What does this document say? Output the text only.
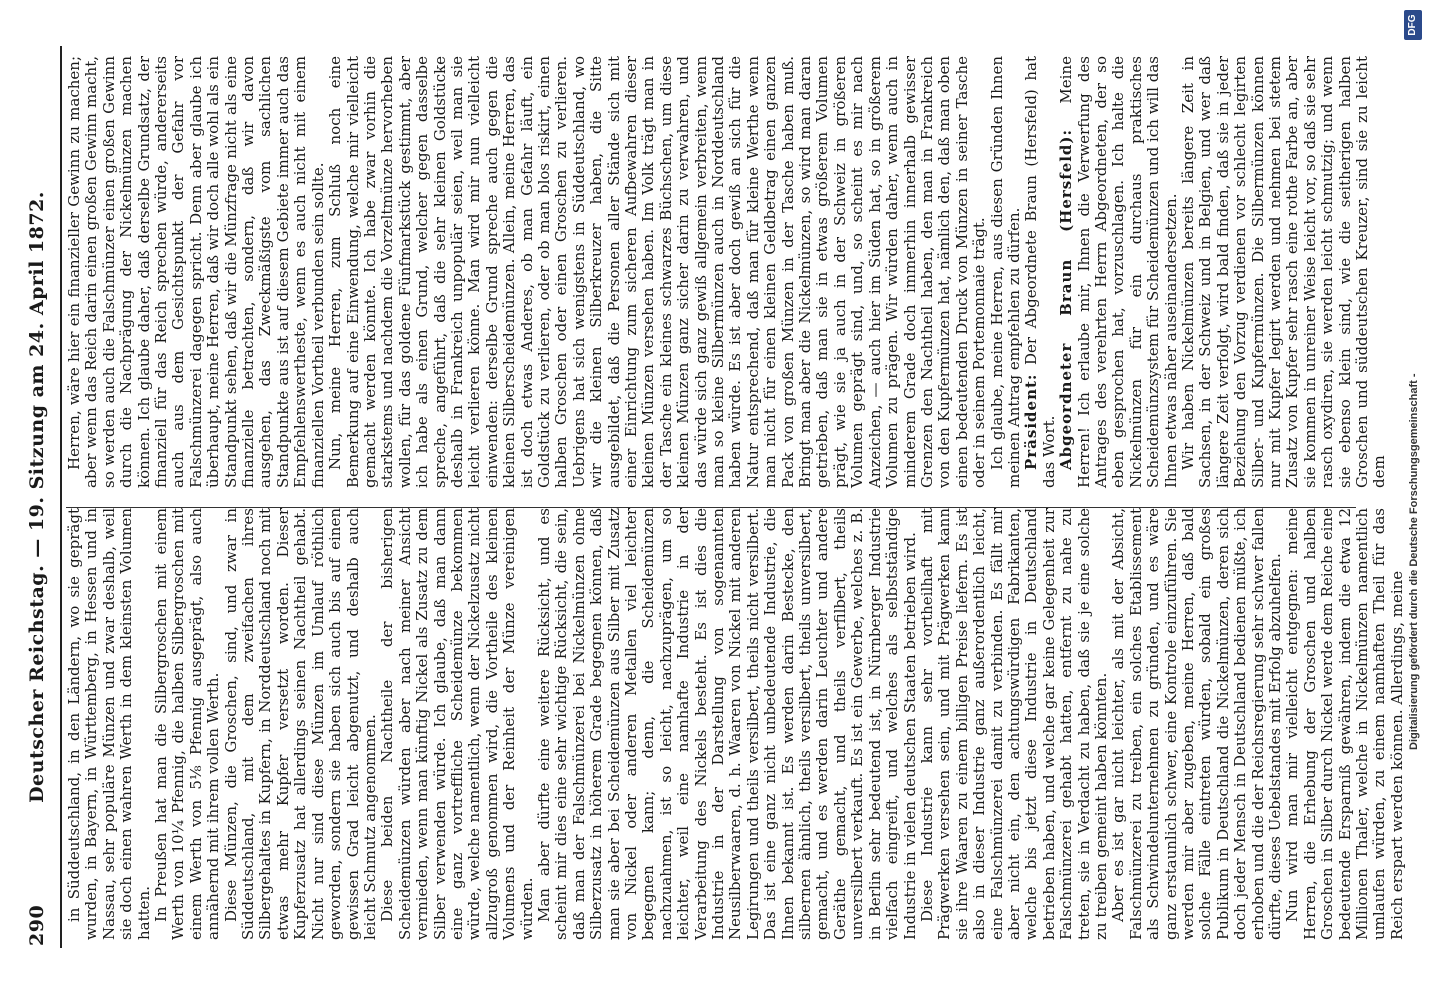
290
Deutscher Reichstag. — 19. Sitzung am 24. April 1872. in Süddeutschland, in den Ländern, wo sie geprägt wurden, in Bayern, in Württemberg, in Hessen und in Nassau, sehr populäre Münzen und zwar deshalb, weil sie doch einen wahren Werth in dem kleinsten Volumen hatten. In Preußen hat man die Silbergroschen mit einem Werth von 10¼ Pfennig, die halben Silbergroschen mit einem Werth von 5⅛ Pfennig ausgeprägt, also auch annähernd mit ihrem vollen Werth. Diese Münzen, die Groschen, sind, und zwar in Süddeutschland, mit dem zweifachen ihres Silbergehaltes in Kupfern, in Norddeutschland noch mit etwas mehr Kupfer versetzt worden. Dieser Kupferzusatz hat allerdings seinen Nachtheil gehabt. Nicht nur sind diese Münzen im Umlauf röthlich geworden, sondern sie haben sich auch bis auf einen gewissen Grad leicht abgenutzt, und deshalb auch leicht Schmutz angenommen. Diese beiden Nachtheile der bisherigen Scheidemünzen würden aber nach meiner Ansicht vermieden, wenn man künftig Nickel als Zusatz zu dem Silber verwenden würde. Ich glaube, daß man dann eine ganz vortreffliche Scheidemünze bekommen würde, welche namentlich, wenn der Nickelzusatz nicht allzugroß genommen wird, die Vortheile des kleinen Volumens und der Reinheit der Münze vereinigen würden. Man aber dürfte eine weitere Rücksicht, und es scheint mir dies eine sehr wichtige Rücksicht, die sein, daß man der Falschmünzerei bei Nickelmünzen ohne Silberzusatz in höherem Grade begegnen können, daß man sie aber bei Scheidemünzen aus Silber mit Zusatz von Nickel oder anderen Metallen viel leichter begegnen kann; denn, die Scheidemünzen nachzuahmen, ist so leicht, nachzuprägen, um so leichter, weil eine namhafte Industrie in der Verarbeitung des Nickels besteht. Es ist dies die Industrie in der Darstellung von sogenannten Neusilberwaaren, d. h. Waaren von Nickel mit anderen Legirungen und theils versilbert, theils nicht versilbert. Das ist eine ganz nicht unbedeutende Industrie, die Ihnen bekannt ist. Es werden darin Bestecke, den silbernen ähnlich, theils versilbert, theils unversilbert, gemacht, und es werden darin Leuchter und andere Geräthe gemacht, und theils verfilbert, theils unversilbert verkauft. Es ist ein Gewerbe, welches z. B. in Berlin sehr bedeutend ist, in Nürnberger Industrie vielfach eingreift, und welches als selbstständige Industrie in vielen deutschen Staaten betrieben wird. Diese Industrie kann sehr vortheilhaft mit Prägwerken versehen sein, und mit Prägwerken kann sie ihre Waaren zu einem billigen Preise liefern. Es ist also in dieser Industrie ganz außerordentlich leicht, eine Falschmünzerei damit zu verbinden. Es fällt mir aber nicht ein, den achtungswürdigen Fabrikanten, welche bis jetzt diese Industrie in Deutschland betrieben haben, und welche gar keine Gelegenheit zur Falschmünzerei gehabt hatten, entfernt zu nahe zu treten, sie in Verdacht zu haben, daß sie je eine solche zu treiben gemeint haben könnten. Aber es ist gar nicht leichter, als mit der Absicht, Falschmünzerei zu treiben, ein solches Etablissement als Schwindelunternehmen zu gründen, und es wäre ganz erstaunlich schwer, eine Kontrole einzuführen. Sie werden mir aber zugeben, meine Herren, daß bald solche Fälle eintreten würden, sobald ein großes Publikum in Deutschland die Nickelmünzen, deren sich doch jeder Mensch in Deutschland bedienen müßte, ich erhoben und die der Reichsregierung sehr schwer fallen dürfte, dieses Uebelstandes mit Erfolg abzuhelfen. Nun wird man mir vielleicht entgegnen: meine Herren, die Erhebung der Groschen und halben Groschen in Silber durch Nickel werde dem Reiche eine bedeutende Ersparniß gewähren, indem die etwa 12 Millionen Thaler, welche in Nickelmünzen namentlich umlaufen würden, zu einem namhaften Theil für das Reich erspart werden können. Allerdings, meine

Herren, wäre hier ein finanzieller Gewinn zu machen; aber wenn das Reich darin einen großen Gewinn macht, so werden auch die Falschmünzer einen großen Gewinn durch die Nachprägung der Nickelmünzen machen können. Ich glaube daher, daß derselbe Grundsatz, der finanziell für das Reich sprechen würde, andererseits auch aus dem Gesichtspunkt der Gefahr vor Falschmünzerei dagegen spricht. Denn aber glaube ich überhaupt, meine Herren, daß wir doch alle wohl als ein Standpunkt sehen, daß wir die Münzfrage nicht als eine finanzielle betrachten, sondern, daß wir davon ausgehen, das Zweckmäßigste vom sachlichen Standpunkte aus ist auf diesem Gebiete immer auch das Empfehlenswertheste, wenn es auch nicht mit einem finanziellen Vortheil verbunden sein sollte. Nun, meine Herren, zum Schluß noch eine Bemerkung auf eine Einwendung, welche mir vielleicht gemacht werden könnte. Ich habe zwar vorhin die starkstems und nachdem die Vorzeltmünze hervorheben wollen, für das goldene Fünfmarkstück gestimmt, aber ich habe als einen Grund, welcher gegen dasselbe spreche, angeführt, daß die sehr kleinen Goldstücke deshalb in Frankreich unpopulär seien, weil man sie leicht verlieren könne. Man wird mir nun vielleicht einwenden: derselbe Grund spreche auch gegen die kleinen Silberscheidemünzen. Allein, meine Herren, das ist doch etwas Anderes, ob man Gefahr läuft, ein Goldstück zu verlieren, oder ob man blos riskirt, einen halben Groschen oder einen Groschen zu verlieren. Uebrigens hat sich wenigstens in Süddeutschland, wo wir die kleinen Silberkreuzer haben, die Sitte ausgebildet, daß die Personen aller Stände sich mit einer Einrichtung zum sicheren Aufbewahren dieser kleinen Münzen versehen haben. Im Volk trägt man in der Tasche ein kleines schwarzes Büchschen, um diese kleinen Münzen ganz sicher darin zu verwahren, und das würde sich ganz gewiß allgemein verbreiten, wenn man so kleine Silbermünzen auch in Norddeutschland haben würde. Es ist aber doch gewiß an sich für die Natur entsprechend, daß man für kleine Werthe wenn man nicht für einen kleinen Geldbetrag einen ganzen Pack von großen Münzen in der Tasche haben muß. Bringt man aber die Nickelmünzen, so wird man daran getrieben, daß man sie in etwas größerem Volumen prägt, wie sie ja auch in der Schweiz in größeren Volumen geprägt sind, und, so scheint es mir nach Anzeichen, — auch hier im Süden hat, so in größerem Volumen zu prägen. Wir würden daher, wenn auch in minderem Grade doch immerhin innerhalb gewisser Grenzen den Nachtheil haben, den man in Frankreich von den Kupfermünzen hat, nämlich den, daß man oben einen bedeutenden Druck von Münzen in seiner Tasche oder in seinem Portemonnaie trägt. Ich glaube, meine Herren, aus diesen Gründen Ihnen meinen Antrag empfehlen zu dürfen. Präsident: Der Abgeordnete Braun (Hersfeld) hat das Wort. Abgeordneter Braun (Hersfeld): Meine Herren! Ich erlaube mir, Ihnen die Verwerfung des Antrages des verehrten Herrn Abgeordneten, der so eben gesprochen hat, vorzuschlagen. Ich halte die Nickelmünzen für ein durchaus praktisches Scheidemünzsystem für Scheidemünzen und ich will das Ihnen etwas näher auseinandersetzen. Wir haben Nickelmünzen bereits längere Zeit in Sachsen, in der Schweiz und in Belgien, und wer daß längere Zeit verfolgt, wird bald finden, daß sie in jeder Beziehung den Vorzug verdienen vor schlecht legirten Silber- und Kupfermünzen. Die Silbermünzen können nur mit Kupfer legirt werden und nehmen bei stetem Zusatz von Kupfer sehr rasch eine rothe Farbe an, aber sie kommen in unreiner Weise leicht vor, so daß sie sehr rasch oxydiren, sie werden leicht schmutzig; und wenn sie ebenso klein sind, wie die seitherigen halben Groschen und süddeutschen Kreuzer, sind sie zu leicht dem Digitalisierung gefördert durch die Deutsche Forschungsgemeinschaft -
DFG
